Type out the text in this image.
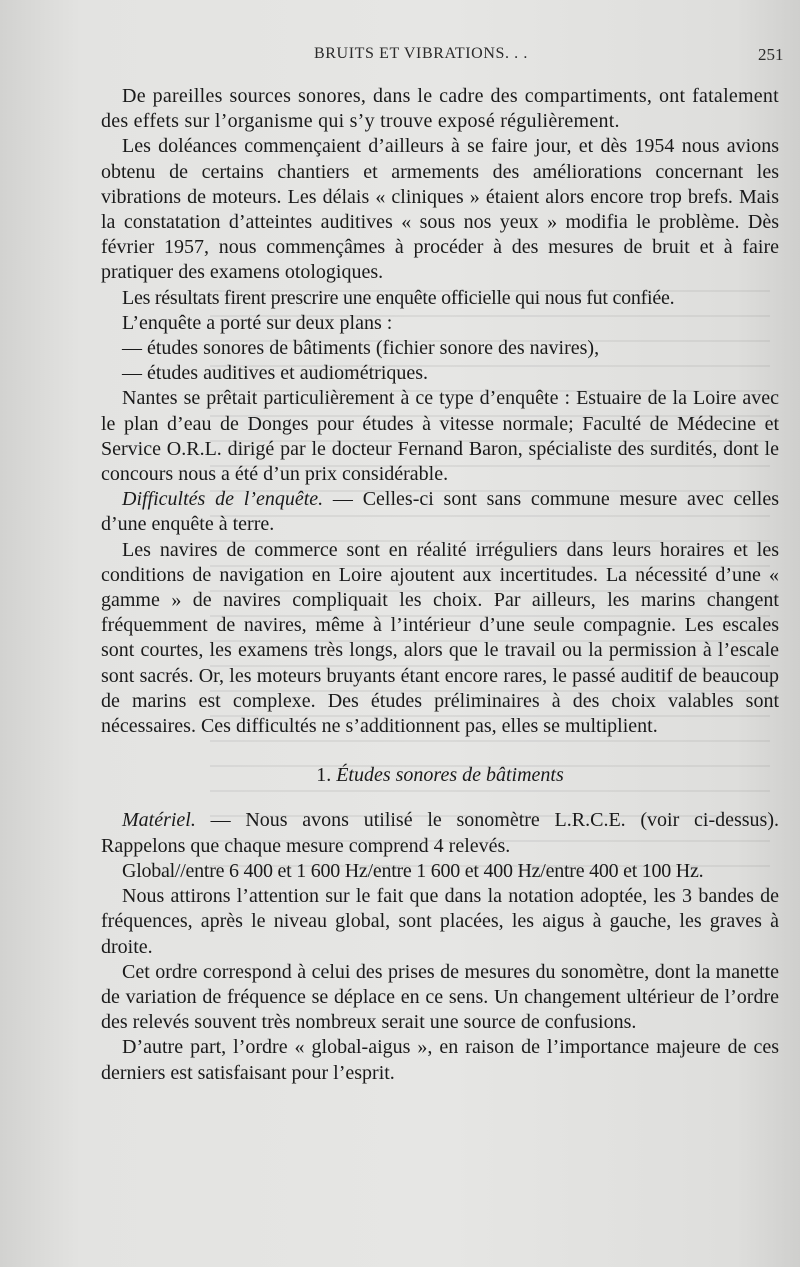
BRUITS ET VIBRATIONS. . .	251

De pareilles sources sonores, dans le cadre des compartiments, ont fatalement des effets sur l’organisme qui s’y trouve exposé régulièrement.

Les doléances commençaient d’ailleurs à se faire jour, et dès 1954 nous avions obtenu de certains chantiers et armements des améliorations concernant les vibrations de moteurs. Les délais « cliniques » étaient alors encore trop brefs. Mais la constatation d’atteintes auditives « sous nos yeux » modifia le problème. Dès février 1957, nous commençâmes à procéder à des mesures de bruit et à faire pratiquer des examens otologiques.

Les résultats firent prescrire une enquête officielle qui nous fut confiée.

L’enquête a porté sur deux plans :

— études sonores de bâtiments (fichier sonore des navires),

— études auditives et audiométriques.

Nantes se prêtait particulièrement à ce type d’enquête : Estuaire de la Loire avec le plan d’eau de Donges pour études à vitesse normale; Faculté de Médecine et Service O.R.L. dirigé par le docteur Fernand Baron, spécialiste des surdités, dont le concours nous a été d’un prix considérable.

Difficultés de l’enquête. — Celles-ci sont sans commune mesure avec celles d’une enquête à terre.

Les navires de commerce sont en réalité irréguliers dans leurs horaires et les conditions de navigation en Loire ajoutent aux incertitudes. La nécessité d’une « gamme » de navires compliquait les choix. Par ailleurs, les marins changent fréquemment de navires, même à l’intérieur d’une seule compagnie. Les escales sont courtes, les examens très longs, alors que le travail ou la permission à l’escale sont sacrés. Or, les moteurs bruyants étant encore rares, le passé auditif de beaucoup de marins est complexe. Des études préliminaires à des choix valables sont nécessaires. Ces difficultés ne s’additionnent pas, elles se multiplient.

1. Études sonores de bâtiments

Matériel. — Nous avons utilisé le sonomètre L.R.C.E. (voir ci-dessus). Rappelons que chaque mesure comprend 4 relevés.

Global//entre 6 400 et 1 600 Hz/entre 1 600 et 400 Hz/entre 400 et 100 Hz.

Nous attirons l’attention sur le fait que dans la notation adoptée, les 3 bandes de fréquences, après le niveau global, sont placées, les aigus à gauche, les graves à droite.

Cet ordre correspond à celui des prises de mesures du sonomètre, dont la manette de variation de fréquence se déplace en ce sens. Un changement ultérieur de l’ordre des relevés souvent très nombreux serait une source de confusions.

D’autre part, l’ordre « global-aigus », en raison de l’importance majeure de ces derniers est satisfaisant pour l’esprit.
